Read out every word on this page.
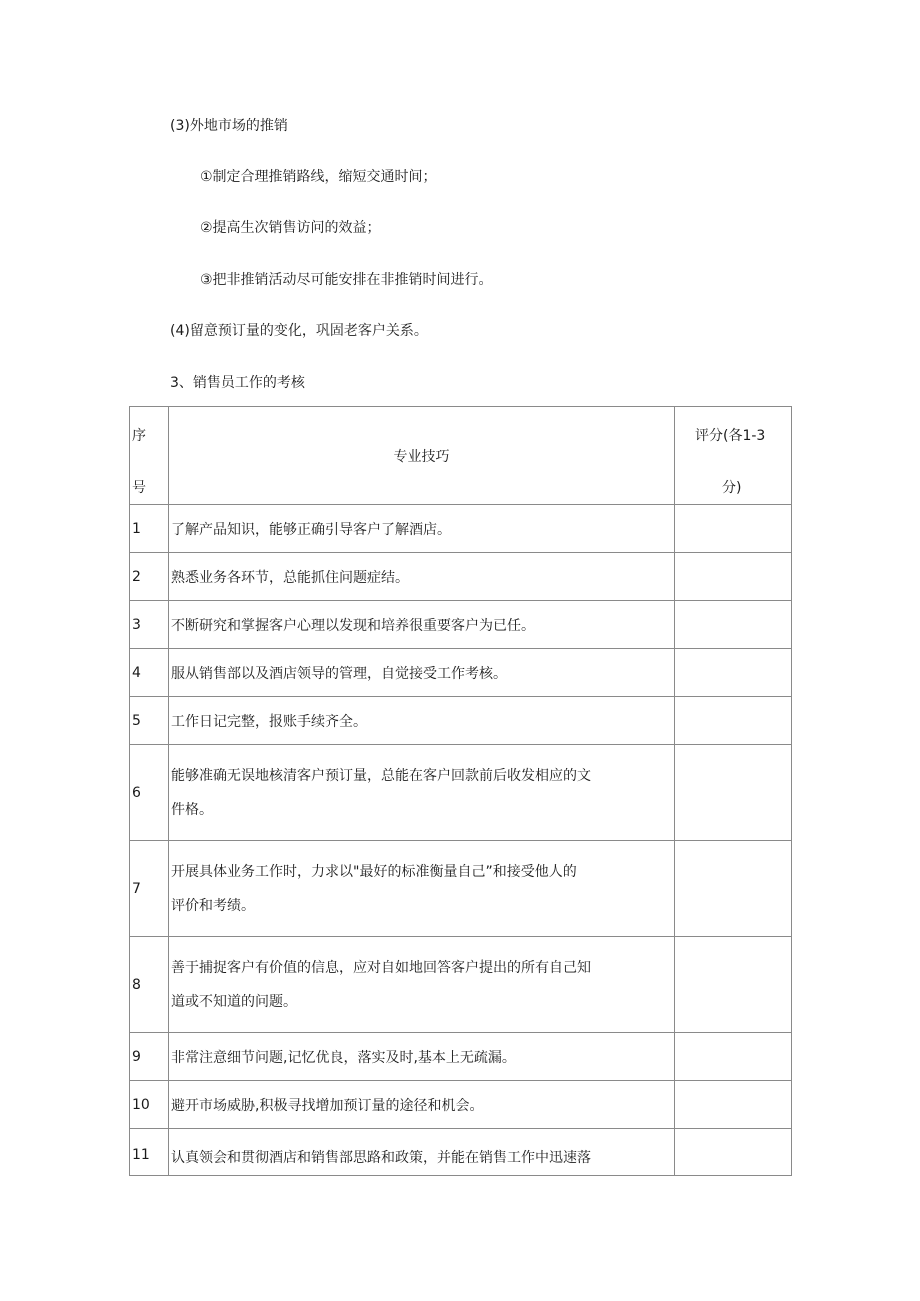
(3)外地市场的推销
①制定合理推销路线，缩短交通时间；
②提高生次销售访问的效益；
③把非推销活动尽可能安排在非推销时间进行。
(4)留意预订量的变化，巩固老客户关系。
3、销售员工作的考核
序
号	专业技巧	评分(各1-3
分)

1	了解产品知识，能够正确引导客户了解酒店。	
2	熟悉业务各环节，总能抓住问题症结。	
3	不断研究和掌握客户心理以发现和培养很重要客户为已任。	
4	服从销售部以及酒店领导的管理，自觉接受工作考核。	
5	工作日记完整，报账手续齐全。	
6	能够准确无误地核清客户预订量，总能在客户回款前后收发相应的文
件格。	

7	开展具体业务工作时，力求以"最好的标准衡量自己”和接受他人的
评价和考绩。	

8	善于捕捉客户有价值的信息，应对自如地回答客户提出的所有自己知
道或不知道的问题。	

9	非常注意细节问题,记忆优良，落实及时,基本上无疏漏。	
10	避开市场威胁,积极寻找增加预订量的途径和机会。	
11	认真领会和贯彻酒店和销售部思路和政策，并能在销售工作中迅速落	
